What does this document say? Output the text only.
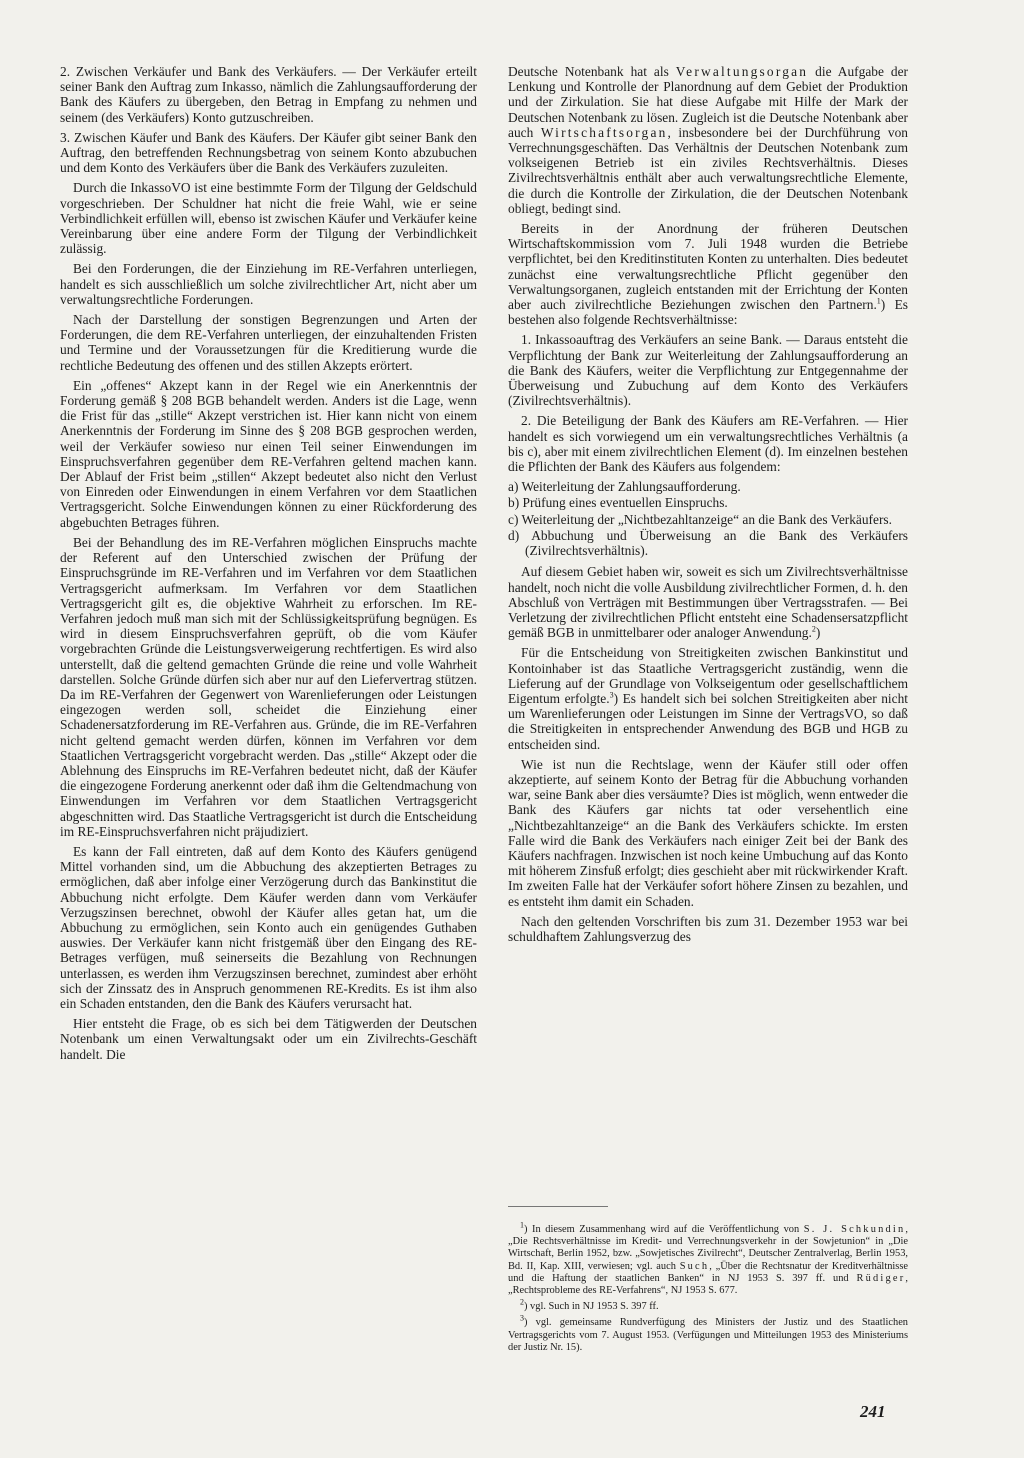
2. Zwischen Verkäufer und Bank des Verkäufers. — Der Verkäufer erteilt seiner Bank den Auftrag zum Inkasso, nämlich die Zahlungsaufforderung der Bank des Käufers zu übergeben, den Betrag in Empfang zu nehmen und seinem (des Verkäufers) Konto gutzuschreiben.

3. Zwischen Käufer und Bank des Käufers. Der Käufer gibt seiner Bank den Auftrag, den betreffenden Rechnungsbetrag von seinem Konto abzubuchen und dem Konto des Verkäufers über die Bank des Verkäufers zuzuleiten.

Durch die InkassoVO ist eine bestimmte Form der Tilgung der Geldschuld vorgeschrieben. Der Schuldner hat nicht die freie Wahl, wie er seine Verbindlichkeit erfüllen will, ebenso ist zwischen Käufer und Verkäufer keine Vereinbarung über eine andere Form der Tilgung der Verbindlichkeit zulässig.

Bei den Forderungen, die der Einziehung im RE-Verfahren unterliegen, handelt es sich ausschließlich um solche zivilrechtlicher Art, nicht aber um verwaltungsrechtliche Forderungen.

Nach der Darstellung der sonstigen Begrenzungen und Arten der Forderungen, die dem RE-Verfahren unterliegen, der einzuhaltenden Fristen und Termine und der Voraussetzungen für die Kreditierung wurde die rechtliche Bedeutung des offenen und des stillen Akzepts erörtert.

Ein „offenes“ Akzept kann in der Regel wie ein Anerkenntnis der Forderung gemäß § 208 BGB behandelt werden. Anders ist die Lage, wenn die Frist für das „stille“ Akzept verstrichen ist. Hier kann nicht von einem Anerkenntnis der Forderung im Sinne des § 208 BGB gesprochen werden, weil der Verkäufer sowieso nur einen Teil seiner Einwendungen im Einspruchsverfahren gegenüber dem RE-Verfahren geltend machen kann. Der Ablauf der Frist beim „stillen“ Akzept bedeutet also nicht den Verlust von Einreden oder Einwendungen in einem Verfahren vor dem Staatlichen Vertragsgericht. Solche Einwendungen können zu einer Rückforderung des abgebuchten Betrages führen.

Bei der Behandlung des im RE-Verfahren möglichen Einspruchs machte der Referent auf den Unterschied zwischen der Prüfung der Einspruchsgründe im RE-Verfahren und im Verfahren vor dem Staatlichen Vertragsgericht aufmerksam. Im Verfahren vor dem Staatlichen Vertragsgericht gilt es, die objektive Wahrheit zu erforschen. Im RE-Verfahren jedoch muß man sich mit der Schlüssigkeitsprüfung begnügen. Es wird in diesem Einspruchsverfahren geprüft, ob die vom Käufer vorgebrachten Gründe die Leistungsverweigerung rechtfertigen. Es wird also unterstellt, daß die geltend gemachten Gründe die reine und volle Wahrheit darstellen. Solche Gründe dürfen sich aber nur auf den Liefervertrag stützen. Da im RE-Verfahren der Gegenwert von Warenlieferungen oder Leistungen eingezogen werden soll, scheidet die Einziehung einer Schadenersatzforderung im RE-Verfahren aus. Gründe, die im RE-Verfahren nicht geltend gemacht werden dürfen, können im Verfahren vor dem Staatlichen Vertragsgericht vorgebracht werden. Das „stille“ Akzept oder die Ablehnung des Einspruchs im RE-Verfahren bedeutet nicht, daß der Käufer die eingezogene Forderung anerkennt oder daß ihm die Geltendmachung von Einwendungen im Verfahren vor dem Staatlichen Vertragsgericht abgeschnitten wird. Das Staatliche Vertragsgericht ist durch die Entscheidung im RE-Einspruchsverfahren nicht präjudiziert.

Es kann der Fall eintreten, daß auf dem Konto des Käufers genügend Mittel vorhanden sind, um die Abbuchung des akzeptierten Betrages zu ermöglichen, daß aber infolge einer Verzögerung durch das Bankinstitut die Abbuchung nicht erfolgte. Dem Käufer werden dann vom Verkäufer Verzugszinsen berechnet, obwohl der Käufer alles getan hat, um die Abbuchung zu ermöglichen, sein Konto auch ein genügendes Guthaben auswies. Der Verkäufer kann nicht fristgemäß über den Eingang des RE-Betrages verfügen, muß seinerseits die Bezahlung von Rechnungen unterlassen, es werden ihm Verzugszinsen berechnet, zumindest aber erhöht sich der Zinssatz des in Anspruch genommenen RE-Kredits. Es ist ihm also ein Schaden entstanden, den die Bank des Käufers verursacht hat.

Hier entsteht die Frage, ob es sich bei dem Tätigwerden der Deutschen Notenbank um einen Verwaltungsakt oder um ein Zivilrechts-Geschäft handelt. Die

Deutsche Notenbank hat als Verwaltungsorgan die Aufgabe der Lenkung und Kontrolle der Planordnung auf dem Gebiet der Produktion und der Zirkulation. Sie hat diese Aufgabe mit Hilfe der Mark der Deutschen Notenbank zu lösen. Zugleich ist die Deutsche Notenbank aber auch Wirtschaftsorgan, insbesondere bei der Durchführung von Verrechnungsgeschäften. Das Verhältnis der Deutschen Notenbank zum volkseigenen Betrieb ist ein ziviles Rechtsverhältnis. Dieses Zivilrechtsverhältnis enthält aber auch verwaltungsrechtliche Elemente, die durch die Kontrolle der Zirkulation, die der Deutschen Notenbank obliegt, bedingt sind.

Bereits in der Anordnung der früheren Deutschen Wirtschaftskommission vom 7. Juli 1948 wurden die Betriebe verpflichtet, bei den Kreditinstituten Konten zu unterhalten. Dies bedeutet zunächst eine verwaltungsrechtliche Pflicht gegenüber den Verwaltungsorganen, zugleich entstanden mit der Errichtung der Konten aber auch zivilrechtliche Beziehungen zwischen den Partnern.$^1$) Es bestehen also folgende Rechtsverhältnisse:

1. Inkassoauftrag des Verkäufers an seine Bank. — Daraus entsteht die Verpflichtung der Bank zur Weiterleitung der Zahlungsaufforderung an die Bank des Käufers, weiter die Verpflichtung zur Entgegennahme der Überweisung und Zubuchung auf dem Konto des Verkäufers (Zivilrechtsverhältnis).

2. Die Beteiligung der Bank des Käufers am RE-Verfahren. — Hier handelt es sich vorwiegend um ein verwaltungsrechtliches Verhältnis (a bis c), aber mit einem zivilrechtlichen Element (d). Im einzelnen bestehen die Pflichten der Bank des Käufers aus folgendem:

a) Weiterleitung der Zahlungsaufforderung.

b) Prüfung eines eventuellen Einspruchs.

c) Weiterleitung der „Nichtbezahltanzeige“ an die Bank des Verkäufers.

d) Abbuchung und Überweisung an die Bank des Verkäufers (Zivilrechtsverhältnis).

Auf diesem Gebiet haben wir, soweit es sich um Zivilrechtsverhältnisse handelt, noch nicht die volle Ausbildung zivilrechtlicher Formen, d. h. den Abschluß von Verträgen mit Bestimmungen über Vertragsstrafen. — Bei Verletzung der zivilrechtlichen Pflicht entsteht eine Schadensersatzpflicht gemäß BGB in unmittelbarer oder analoger Anwendung.$^2$)

Für die Entscheidung von Streitigkeiten zwischen Bankinstitut und Kontoinhaber ist das Staatliche Vertragsgericht zuständig, wenn die Lieferung auf der Grundlage von Volkseigentum oder gesellschaftlichem Eigentum erfolgte.$^3$) Es handelt sich bei solchen Streitigkeiten aber nicht um Warenlieferungen oder Leistungen im Sinne der VertragsVO, so daß die Streitigkeiten in entsprechender Anwendung des BGB und HGB zu entscheiden sind.

Wie ist nun die Rechtslage, wenn der Käufer still oder offen akzeptierte, auf seinem Konto der Betrag für die Abbuchung vorhanden war, seine Bank aber dies versäumte? Dies ist möglich, wenn entweder die Bank des Käufers gar nichts tat oder versehentlich eine „Nichtbezahltanzeige“ an die Bank des Verkäufers schickte. Im ersten Falle wird die Bank des Verkäufers nach einiger Zeit bei der Bank des Käufers nachfragen. Inzwischen ist noch keine Umbuchung auf das Konto mit höherem Zinsfuß erfolgt; dies geschieht aber mit rückwirkender Kraft. Im zweiten Falle hat der Verkäufer sofort höhere Zinsen zu bezahlen, und es entsteht ihm damit ein Schaden.

Nach den geltenden Vorschriften bis zum 31. Dezember 1953 war bei schuldhaftem Zahlungsverzug des

$^1$) In diesem Zusammenhang wird auf die Veröffentlichung von S. J. Schkundin, „Die Rechtsverhältnisse im Kredit- und Verrechnungsverkehr in der Sowjetunion“ in „Die Wirtschaft, Berlin 1952, bzw. „Sowjetisches Zivilrecht“, Deutscher Zentralverlag, Berlin 1953, Bd. II, Kap. XIII, verwiesen; vgl. auch Such, „Über die Rechtsnatur der Kreditverhältnisse und die Haftung der staatlichen Banken“ in NJ 1953 S. 397 ff. und Rüdiger, „Rechtsprobleme des RE-Verfahrens“, NJ 1953 S. 677.

$^2$) vgl. Such in NJ 1953 S. 397 ff.

$^3$) vgl. gemeinsame Rundverfügung des Ministers der Justiz und des Staatlichen Vertragsgerichts vom 7. August 1953. (Verfügungen und Mitteilungen 1953 des Ministeriums der Justiz Nr. 15).

241
